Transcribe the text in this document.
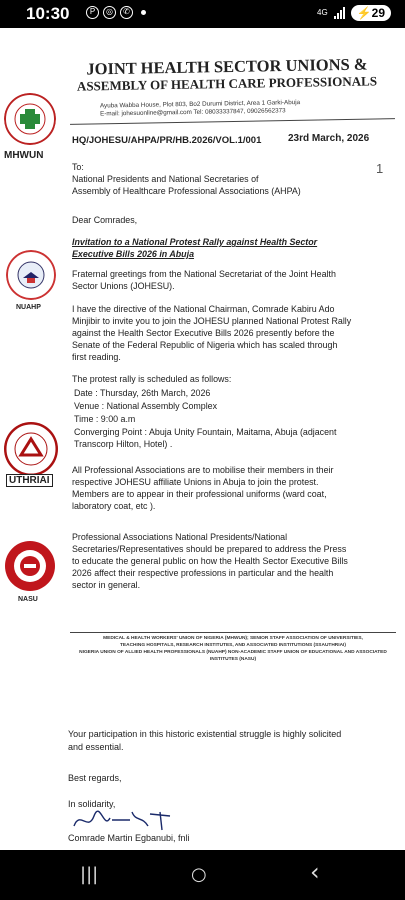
10:30	P	◎	✆	4G	⚡29
MHWUN
NUAHP
UTHRIAI
NASU
JOINT HEALTH SECTOR UNIONS &
ASSEMBLY OF HEALTH CARE PROFESSIONALS
Ayuba Wabba House, Plot 803, Bo2 Durumi District, Area 1 Garki-Abuja
E-mail: johesuonline@gmail.com Tel: 08033337847, 09026562373
HQ/JOHESU/AHPA/PR/HB.2026/VOL.1/001	23rd March, 2026
1
To:
National Presidents and National Secretaries of
Assembly of Healthcare Professional Associations (AHPA)
Dear Comrades,
Invitation to a National Protest Rally against Health Sector
Executive Bills 2026 in Abuja
Fraternal greetings from the National Secretariat of the Joint Health
Sector Unions (JOHESU).
I have the directive of the National Chairman, Comrade Kabiru Ado
Minjibir to invite you to join the JOHESU planned National Protest Rally
against the Health Sector Executive Bills 2026 presently before the
Senate of the Federal Republic of Nigeria which has scaled through
first reading.
The protest rally is scheduled as follows:
Date : Thursday, 26th March, 2026
Venue : National Assembly Complex
Time : 9:00 a.m
Converging Point : Abuja Unity Fountain, Maitama, Abuja (adjacent
Transcorp Hilton, Hotel) .
All Professional Associations are to mobilise their members in their
respective JOHESU affiliate Unions in Abuja to join the protest.
Members are to appear in their professional uniforms (ward coat,
laboratory coat, etc ).
Professional Associations National Presidents/National
Secretaries/Representatives should be prepared to address the Press
to educate the general public on how the Health Sector Executive Bills
2026 affect their respective professions in particular and the health
sector in general.
MEDICAL & HEALTH WORKERS' UNION OF NIGERIA (MHWUN); SENIOR STAFF ASSOCIATION OF UNIVERSITIES,
TEACHING HOSPITALS, RESEARCH INSTITUTES, AND ASSOCIATED INSTITUTIONS (SSAUTHRIAI)
NIGERIA UNION OF ALLIED HEALTH PROFESSIONALS (NUAHP) NON-ACADEMIC STAFF UNION OF EDUCATIONAL AND ASSOCIATED INSTITUTES (NASU)
Your participation in this historic existential struggle is highly solicited
and essential.
Best regards,
In solidarity,
Comrade Martin Egbanubi, fnli
|||	○	‹
